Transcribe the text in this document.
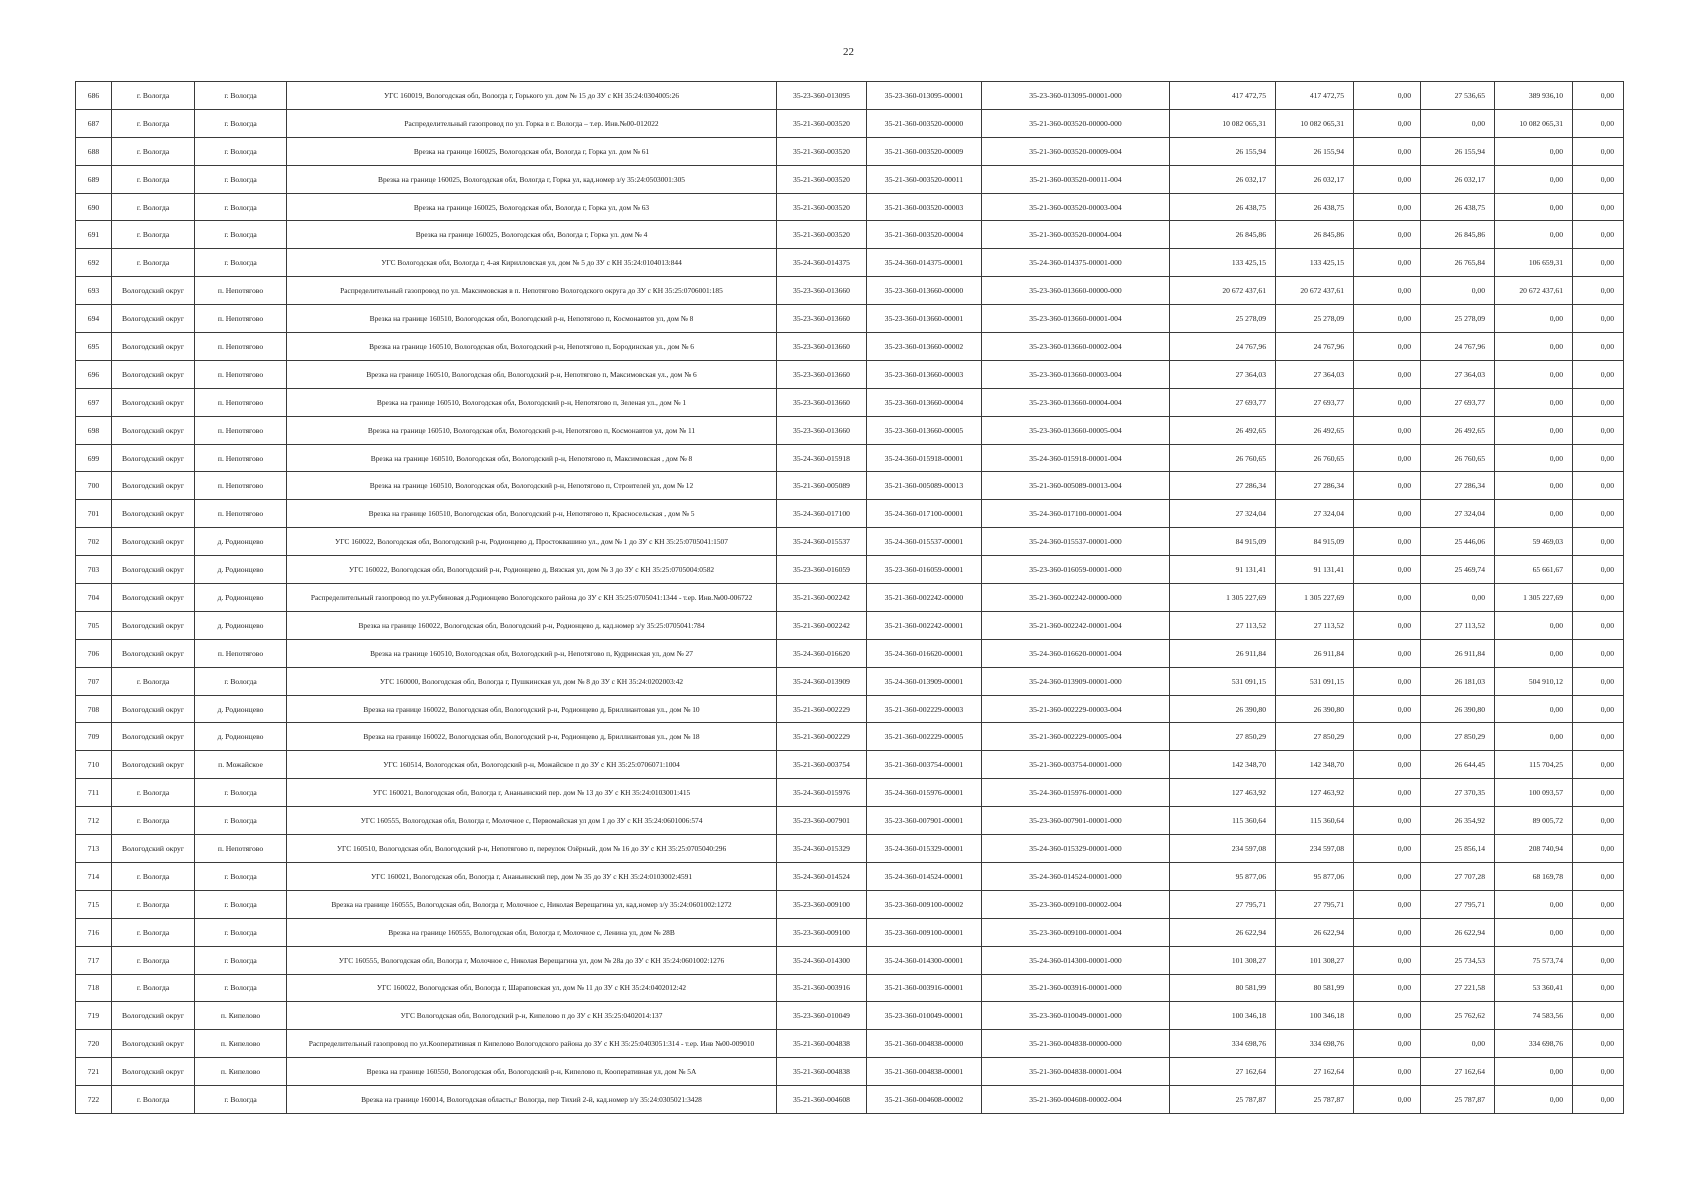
22
686	г. Вологда	г. Вологда	УГС 160019, Вологодская обл, Вологда г, Горького ул. дом № 15 до ЗУ с КН 35:24:0304005:26	35-23-360-013095	35-23-360-013095-00001	35-23-360-013095-00001-000	417 472,75	417 472,75	0,00	27 536,65	389 936,10	0,00
687	г. Вологда	г. Вологда	Распределительный газопровод по ул. Горка в г. Вологда – т.ер. Инв.№00-012022	35-21-360-003520	35-21-360-003520-00000	35-21-360-003520-00000-000	10 082 065,31	10 082 065,31	0,00	0,00	10 082 065,31	0,00
688	г. Вологда	г. Вологда	Врезка на границе 160025, Вологодская обл, Вологда г, Горка ул. дом № 61	35-21-360-003520	35-21-360-003520-00009	35-21-360-003520-00009-004	26 155,94	26 155,94	0,00	26 155,94	0,00	0,00
689	г. Вологда	г. Вологда	Врезка на границе 160025, Вологодская обл, Вологда г, Горка ул, кад.номер з/у 35:24:0503001:305	35-21-360-003520	35-21-360-003520-00011	35-21-360-003520-00011-004	26 032,17	26 032,17	0,00	26 032,17	0,00	0,00
690	г. Вологда	г. Вологда	Врезка на границе 160025, Вологодская обл, Вологда г, Горка ул, дом № 63	35-21-360-003520	35-21-360-003520-00003	35-21-360-003520-00003-004	26 438,75	26 438,75	0,00	26 438,75	0,00	0,00
691	г. Вологда	г. Вологда	Врезка на границе 160025, Вологодская обл, Вологда г, Горка ул. дом № 4	35-21-360-003520	35-21-360-003520-00004	35-21-360-003520-00004-004	26 845,86	26 845,86	0,00	26 845,86	0,00	0,00
692	г. Вологда	г. Вологда	УГС Вологодская обл, Вологда г, 4-ая Кирилловская ул, дом № 5 до ЗУ с КН 35:24:0104013:844	35-24-360-014375	35-24-360-014375-00001	35-24-360-014375-00001-000	133 425,15	133 425,15	0,00	26 765,84	106 659,31	0,00
693	Вологодский округ	п. Непотягово	Распределительный газопровод по ул. Максимовская в п. Непотягово Вологодского округа до ЗУ с КН 35:25:0706001:185	35-23-360-013660	35-23-360-013660-00000	35-23-360-013660-00000-000	20 672 437,61	20 672 437,61	0,00	0,00	20 672 437,61	0,00
694	Вологодский округ	п. Непотягово	Врезка на границе 160510, Вологодская обл, Вологодский р-н, Непотягово п, Космонавтов ул, дом № 8	35-23-360-013660	35-23-360-013660-00001	35-23-360-013660-00001-004	25 278,09	25 278,09	0,00	25 278,09	0,00	0,00
695	Вологодский округ	п. Непотягово	Врезка на границе 160510, Вологодская обл, Вологодский р-н, Непотягово п, Бородинская ул., дом № 6	35-23-360-013660	35-23-360-013660-00002	35-23-360-013660-00002-004	24 767,96	24 767,96	0,00	24 767,96	0,00	0,00
696	Вологодский округ	п. Непотягово	Врезка на границе 160510, Вологодская обл, Вологодский р-н, Непотягово п, Максимовская ул., дом № 6	35-23-360-013660	35-23-360-013660-00003	35-23-360-013660-00003-004	27 364,03	27 364,03	0,00	27 364,03	0,00	0,00
697	Вологодский округ	п. Непотягово	Врезка на границе 160510, Вологодская обл, Вологодский р-н, Непотягово п, Зеленая ул., дом № 1	35-23-360-013660	35-23-360-013660-00004	35-23-360-013660-00004-004	27 693,77	27 693,77	0,00	27 693,77	0,00	0,00
698	Вологодский округ	п. Непотягово	Врезка на границе 160510, Вологодская обл, Вологодский р-н, Непотягово п, Космонавтов ул, дом № 11	35-23-360-013660	35-23-360-013660-00005	35-23-360-013660-00005-004	26 492,65	26 492,65	0,00	26 492,65	0,00	0,00
699	Вологодский округ	п. Непотягово	Врезка на границе 160510, Вологодская обл, Вологодский р-н, Непотягово п, Максимовская , дом № 8	35-24-360-015918	35-24-360-015918-00001	35-24-360-015918-00001-004	26 760,65	26 760,65	0,00	26 760,65	0,00	0,00
700	Вологодский округ	п. Непотягово	Врезка на границе 160510, Вологодская обл, Вологодский р-н, Непотягово п, Строителей ул, дом № 12	35-21-360-005089	35-21-360-005089-00013	35-21-360-005089-00013-004	27 286,34	27 286,34	0,00	27 286,34	0,00	0,00
701	Вологодский округ	п. Непотягово	Врезка на границе 160510, Вологодская обл, Вологодский р-н, Непотягово п, Красносельская , дом № 5	35-24-360-017100	35-24-360-017100-00001	35-24-360-017100-00001-004	27 324,04	27 324,04	0,00	27 324,04	0,00	0,00
702	Вологодский округ	д. Родионцево	УГС 160022, Вологодская обл, Вологодский р-н, Родионцево д, Простоквашино ул., дом № 1 до ЗУ с КН 35:25:0705041:1507	35-24-360-015537	35-24-360-015537-00001	35-24-360-015537-00001-000	84 915,09	84 915,09	0,00	25 446,06	59 469,03	0,00
703	Вологодский округ	д. Родионцево	УГС 160022, Вологодская обл, Вологодский р-н, Родионцево д, Вязская ул, дом № 3 до ЗУ с КН 35:25:0705004:0582	35-23-360-016059	35-23-360-016059-00001	35-23-360-016059-00001-000	91 131,41	91 131,41	0,00	25 469,74	65 661,67	0,00
704	Вологодский округ	д. Родионцево	Распределительный газопровод по ул.Рубиновая д.Родионцево Вологодского района до ЗУ с КН 35:25:0705041:1344 - т.ер. Инв.№00-006722	35-21-360-002242	35-21-360-002242-00000	35-21-360-002242-00000-000	1 305 227,69	1 305 227,69	0,00	0,00	1 305 227,69	0,00
705	Вологодский округ	д. Родионцево	Врезка на границе 160022, Вологодская обл, Вологодский р-н, Родионцево д, кад.номер з/у 35:25:0705041:784	35-21-360-002242	35-21-360-002242-00001	35-21-360-002242-00001-004	27 113,52	27 113,52	0,00	27 113,52	0,00	0,00
706	Вологодский округ	п. Непотягово	Врезка на границе 160510, Вологодская обл, Вологодский р-н, Непотягово п, Кудринская ул, дом № 27	35-24-360-016620	35-24-360-016620-00001	35-24-360-016620-00001-004	26 911,84	26 911,84	0,00	26 911,84	0,00	0,00
707	г. Вологда	г. Вологда	УГС 160000, Вологодская обл, Вологда г, Пушкинская ул, дом № 8 до ЗУ с КН 35:24:0202003:42	35-24-360-013909	35-24-360-013909-00001	35-24-360-013909-00001-000	531 091,15	531 091,15	0,00	26 181,03	504 910,12	0,00
708	Вологодский округ	д. Родионцево	Врезка на границе 160022, Вологодская обл, Вологодский р-н, Родионцево д, Бриллиантовая ул., дом № 10	35-21-360-002229	35-21-360-002229-00003	35-21-360-002229-00003-004	26 390,80	26 390,80	0,00	26 390,80	0,00	0,00
709	Вологодский округ	д. Родионцево	Врезка на границе 160022, Вологодская обл, Вологодский р-н, Родионцево д, Бриллиантовая ул., дом № 18	35-21-360-002229	35-21-360-002229-00005	35-21-360-002229-00005-004	27 850,29	27 850,29	0,00	27 850,29	0,00	0,00
710	Вологодский округ	п. Можайское	УГС 160514, Вологодская обл, Вологодский р-н, Можайское п до ЗУ с КН 35:25:0706071:1004	35-21-360-003754	35-21-360-003754-00001	35-21-360-003754-00001-000	142 348,70	142 348,70	0,00	26 644,45	115 704,25	0,00
711	г. Вологда	г. Вологда	УГС 160021, Вологодская обл, Вологда г, Ананьинский пер. дом № 13 до ЗУ с КН 35:24:0103001:415	35-24-360-015976	35-24-360-015976-00001	35-24-360-015976-00001-000	127 463,92	127 463,92	0,00	27 370,35	100 093,57	0,00
712	г. Вологда	г. Вологда	УГС 160555, Вологодская обл, Вологда г, Молочное с, Первомайская ул дом 1 до ЗУ с КН 35:24:0601006:574	35-23-360-007901	35-23-360-007901-00001	35-23-360-007901-00001-000	115 360,64	115 360,64	0,00	26 354,92	89 005,72	0,00
713	Вологодский округ	п. Непотягово	УГС 160510, Вологодская обл, Вологодский р-н, Непотягово п, переулок Озёрный, дом № 16 до ЗУ с КН 35:25:0705040:296	35-24-360-015329	35-24-360-015329-00001	35-24-360-015329-00001-000	234 597,08	234 597,08	0,00	25 856,14	208 740,94	0,00
714	г. Вологда	г. Вологда	УГС 160021, Вологодская обл, Вологда г, Ананьинский пер, дом № 35 до ЗУ с КН 35:24:0103002:4591	35-24-360-014524	35-24-360-014524-00001	35-24-360-014524-00001-000	95 877,06	95 877,06	0,00	27 707,28	68 169,78	0,00
715	г. Вологда	г. Вологда	Врезка на границе 160555, Вологодская обл, Вологда г, Молочное с, Николая Верещагина ул, кад.номер з/у 35:24:0601002:1272	35-23-360-009100	35-23-360-009100-00002	35-23-360-009100-00002-004	27 795,71	27 795,71	0,00	27 795,71	0,00	0,00
716	г. Вологда	г. Вологда	Врезка на границе 160555, Вологодская обл, Вологда г, Молочное с, Ленина ул, дом № 28В	35-23-360-009100	35-23-360-009100-00001	35-23-360-009100-00001-004	26 622,94	26 622,94	0,00	26 622,94	0,00	0,00
717	г. Вологда	г. Вологда	УГС 160555, Вологодская обл, Вологда г, Молочное с, Николая Верещагина ул, дом № 28а до ЗУ с КН 35:24:0601002:1276	35-24-360-014300	35-24-360-014300-00001	35-24-360-014300-00001-000	101 308,27	101 308,27	0,00	25 734,53	75 573,74	0,00
718	г. Вологда	г. Вологда	УГС 160022, Вологодская обл, Вологда г, Шараповская ул, дом № 11 до ЗУ с КН 35:24:0402012:42	35-21-360-003916	35-21-360-003916-00001	35-21-360-003916-00001-000	80 581,99	80 581,99	0,00	27 221,58	53 360,41	0,00
719	Вологодский округ	п. Кипелово	УГС Вологодская обл, Вологодский р-н, Кипелово п до ЗУ с КН 35:25:0402014:137	35-23-360-010049	35-23-360-010049-00001	35-23-360-010049-00001-000	100 346,18	100 346,18	0,00	25 762,62	74 583,56	0,00
720	Вологодский округ	п. Кипелово	Распределительный газопровод по ул.Кооперативная п Кипелово Вологодского района до ЗУ с КН 35:25:0403051:314 - т.ер. Инв №00-009010	35-21-360-004838	35-21-360-004838-00000	35-21-360-004838-00000-000	334 698,76	334 698,76	0,00	0,00	334 698,76	0,00
721	Вологодский округ	п. Кипелово	Врезка на границе 160550, Вологодская обл, Вологодский р-н, Кипелово п, Кооперативная ул, дом № 5А	35-21-360-004838	35-21-360-004838-00001	35-21-360-004838-00001-004	27 162,64	27 162,64	0,00	27 162,64	0,00	0,00
722	г. Вологда	г. Вологда	Врезка на границе 160014, Вологодская область,г Вологда, пер Тихий 2-й, кад.номер з/у 35:24:0305021:3428	35-21-360-004608	35-21-360-004608-00002	35-21-360-004608-00002-004	25 787,87	25 787,87	0,00	25 787,87	0,00	0,00
